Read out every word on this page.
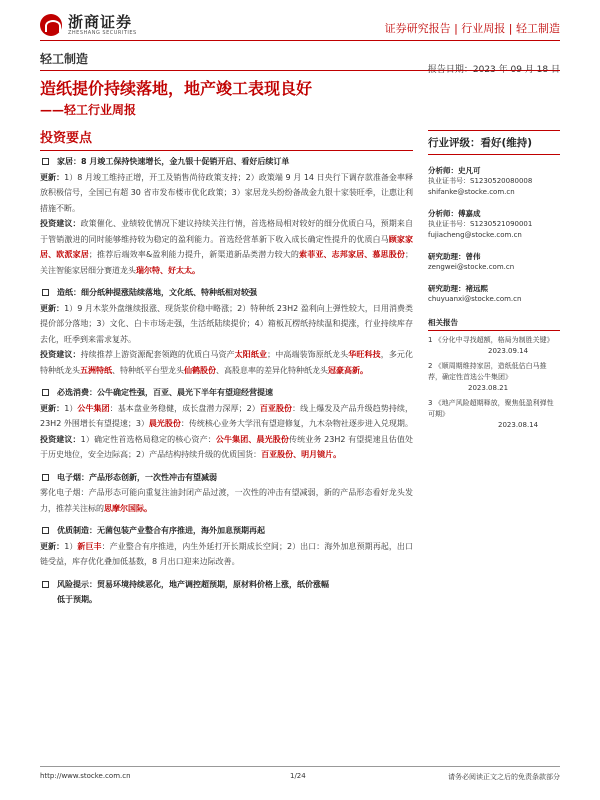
浙商证券
ZHESHANG SECURITIES	证券研究报告 | 行业周报 | 轻工制造
轻工制造
报告日期：2023 年 09 月 18 日
造纸提价持续落地，地产竣工表现良好
——轻工行业周报
投资要点
家居：8 月竣工保持快速增长，金九银十促销开启、看好后续订单
更新：1）8 月竣工维持正增，开工及销售尚待政策支持；2）政策端 9 月 14 日央行下调存款准备金率释放积极信号，全国已有超 30 省市发布楼市优化政策；3）家居龙头纷纷备战金九银十家装旺季，让惠让利措施不断。
投资建议：政策催化、业绩较优情况下建议持续关注行情，首选格局相对较好的细分优质白马，预期来自于管销激进的同时能够维持较为稳定的盈利能力。首选经营革新下收入成长确定性提升的优质白马顾家家居、欧派家居；推荐后端效率&盈利能力提升，新渠道新品类潜力较大的索菲亚、志邦家居、慕思股份；关注智能家居细分赛道龙头瑞尔特、好太太。
造纸：细分纸种提涨陆续落地，文化纸、特种纸相对较强
更新：1）9 月木浆外盘继续报涨、现货浆价稳中略涨；2）特种纸 23H2 盈利向上弹性较大，日用消费类提价部分落地；3）文化、白卡市场走强，生活纸陆续提价；4）箱板瓦楞纸持续温和提涨，行业持续库存去化，旺季到来需求复苏。
投资建议：持续推荐上游资源配套领跑的优质白马资产太阳纸业；中高端装饰原纸龙头华旺科技，多元化特种纸龙头五洲特纸、特种纸平台型龙头仙鹤股份、高股息率的差异化特种纸龙头冠豪高新。
必选消费：公牛确定性强，百亚、晨光下半年有望迎经营提速
更新：1）公牛集团：基本盘业务稳健，成长盘潜力深厚；2）百亚股份：线上爆发及产品升级趋势持续，23H2 外围增长有望提速；3）晨光股份：传统核心业务大学汛有望迎修复，九木杂物社逐步进入兑现期。
投资建议：1）确定性首选格局稳定的核心资产：公牛集团、晨光股份传统业务 23H2 有望提速且估值处于历史地位，安全边际高；2）产品结构持续升级的优质国货：百亚股份、明月镜片。
电子烟：产品形态创新，一次性冲击有望减弱
雾化电子烟：产品形态可能向重复注油封闭产品过渡，一次性的冲击有望减弱，新的产品形态看好龙头发力，推荐关注标的思摩尔国际。
优质制造：无菌包装产业整合有序推进，海外加息预期再起
更新：1）新巨丰：产业整合有序推进，内生外延打开长期成长空间；2）出口：海外加息预期再起，出口链受益，库存优化叠加低基数，8 月出口迎来边际改善。
风险提示：贸易环境持续恶化，地产调控超预期，原材料价格上涨，纸价涨幅
低于预期。
行业评级：看好(维持)
分析师：史凡可
执业证书号：S1230520080008
shifanke@stocke.com.cn
分析师：傅嘉成
执业证书号：S1230521090001
fujiacheng@stocke.com.cn
研究助理：曾伟
zengwei@stocke.com.cn
研究助理：褚远熙
chuyuanxi@stocke.com.cn
相关报告
1 《分化中寻找超额，格局为制胜关键》
2023.09.14
2 《顺周期维持家居，造纸低估白马推荐，确定性首选公牛集团》
2023.08.21
3 《地产风险超期释放，聚焦低盈利弹性可期》
2023.08.14
http://www.stocke.com.cn	1/24	请务必阅读正文之后的免责条款部分
